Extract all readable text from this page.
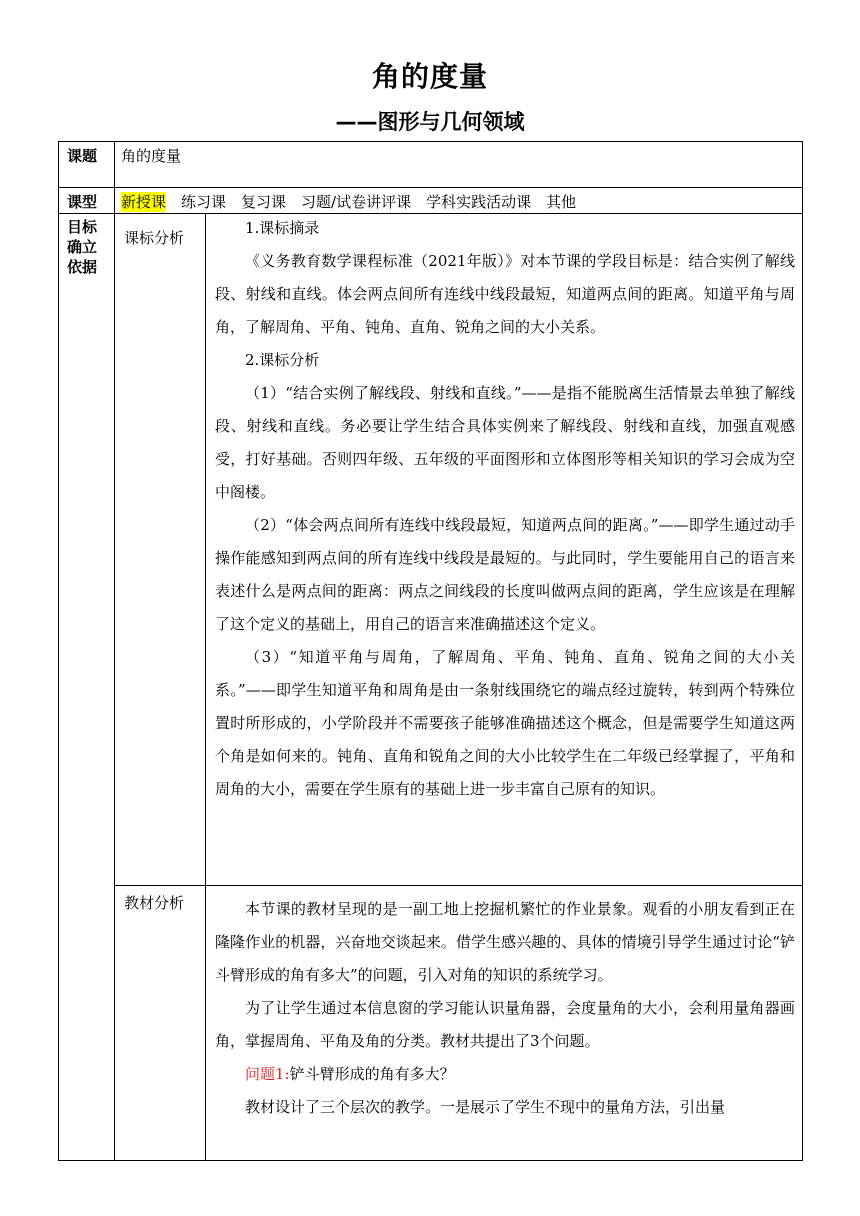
角的度量
——图形与几何领域
课题 角的度量
课型 新授课 练习课 复习课 习题/试卷讲评课 学科实践活动课 其他
目标
确立
依据
课标分析

1.课标摘录

《义务教育数学课程标准（2021年版）》对本节课的学段目标是：结合实例了解线段、射线和直线。体会两点间所有连线中线段最短，知道两点间的距离。知道平角与周角，了解周角、平角、钝角、直角、锐角之间的大小关系。

2.课标分析

（1）“结合实例了解线段、射线和直线。”——是指不能脱离生活情景去单独了解线段、射线和直线。务必要让学生结合具体实例来了解线段、射线和直线，加强直观感受，打好基础。否则四年级、五年级的平面图形和立体图形等相关知识的学习会成为空中阁楼。

（2）“体会两点间所有连线中线段最短，知道两点间的距离。”——即学生通过动手操作能感知到两点间的所有连线中线段是最短的。与此同时，学生要能用自己的语言来表述什么是两点间的距离：两点之间线段的长度叫做两点间的距离，学生应该是在理解了这个定义的基础上，用自己的语言来准确描述这个定义。

（3）“知道平角与周角，了解周角、平角、钝角、直角、锐角之间的大小关系。”——即学生知道平角和周角是由一条射线围绕它的端点经过旋转，转到两个特殊位置时所形成的，小学阶段并不需要孩子能够准确描述这个概念，但是需要学生知道这两个角是如何来的。钝角、直角和锐角之间的大小比较学生在二年级已经掌握了，平角和周角的大小，需要在学生原有的基础上进一步丰富自己原有的知识。

教材分析	本节课的教材呈现的是一副工地上挖掘机繁忙的作业景象。观看的小朋友看到正在隆隆作业的机器，兴奋地交谈起来。借学生感兴趣的、具体的情境引导学生通过讨论“铲斗臂形成的角有多大”的问题，引入对角的知识的系统学习。

为了让学生通过本信息窗的学习能认识量角器，会度量角的大小，会利用量角器画角，掌握周角、平角及角的分类。教材共提出了3个问题。

问题1:铲斗臂形成的角有多大？

教材设计了三个层次的教学。一是展示了学生不现中的量角方法，引出量
